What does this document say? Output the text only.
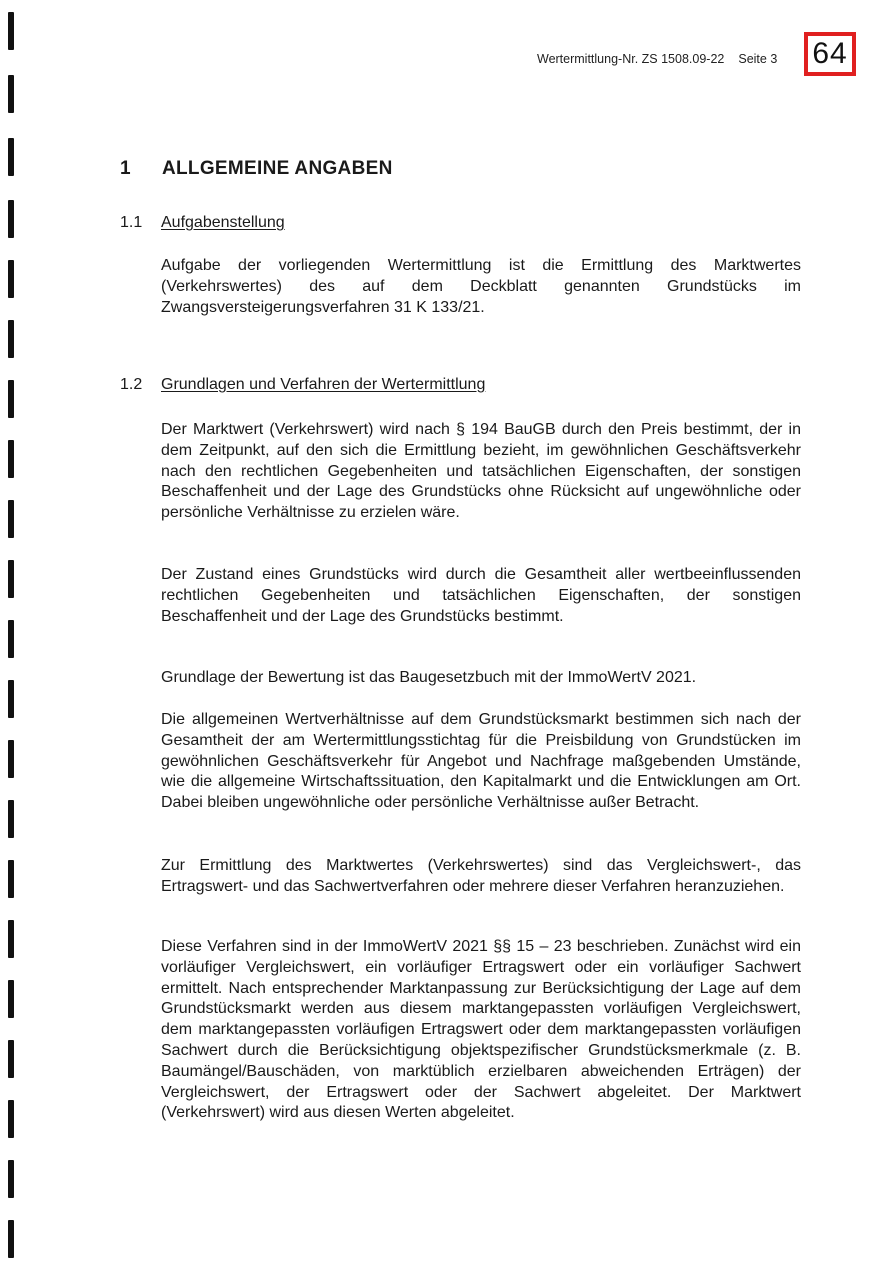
Wertermittlung-Nr. ZS 1508.09-22 Seite 3 64
1 ALLGEMEINE ANGABEN
1.1 Aufgabenstellung

Aufgabe der vorliegenden Wertermittlung ist die Ermittlung des Marktwertes (Verkehrswertes) des auf dem Deckblatt genannten Grundstücks im Zwangsversteigerungsverfahren 31 K 133/21.

1.2 Grundlagen und Verfahren der Wertermittlung

Der Marktwert (Verkehrswert) wird nach § 194 BauGB durch den Preis bestimmt, der in dem Zeitpunkt, auf den sich die Ermittlung bezieht, im gewöhnlichen Geschäftsverkehr nach den rechtlichen Gegebenheiten und tatsächlichen Eigenschaften, der sonstigen Beschaffenheit und der Lage des Grundstücks ohne Rücksicht auf ungewöhnliche oder persönliche Verhältnisse zu erzielen wäre.

Der Zustand eines Grundstücks wird durch die Gesamtheit aller wertbeeinflussenden rechtlichen Gegebenheiten und tatsächlichen Eigenschaften, der sonstigen Beschaffenheit und der Lage des Grundstücks bestimmt.

Grundlage der Bewertung ist das Baugesetzbuch mit der ImmoWertV 2021.

Die allgemeinen Wertverhältnisse auf dem Grundstücksmarkt bestimmen sich nach der Gesamtheit der am Wertermittlungsstichtag für die Preisbildung von Grundstücken im gewöhnlichen Geschäftsverkehr für Angebot und Nachfrage maßgebenden Umstände, wie die allgemeine Wirtschaftssituation, den Kapitalmarkt und die Entwicklungen am Ort. Dabei bleiben ungewöhnliche oder persönliche Verhältnisse außer Betracht.

Zur Ermittlung des Marktwertes (Verkehrswertes) sind das Vergleichswert-, das Ertragswert- und das Sachwertverfahren oder mehrere dieser Verfahren heranzuziehen.

Diese Verfahren sind in der ImmoWertV 2021 §§ 15 – 23 beschrieben. Zunächst wird ein vorläufiger Vergleichswert, ein vorläufiger Ertragswert oder ein vorläufiger Sachwert ermittelt. Nach entsprechender Marktanpassung zur Berücksichtigung der Lage auf dem Grundstücksmarkt werden aus diesem marktangepassten vorläufigen Vergleichswert, dem marktangepassten vorläufigen Ertragswert oder dem marktangepassten vorläufigen Sachwert durch die Berücksichtigung objektspezifischer Grundstücksmerkmale (z. B. Baumängel/Bauschäden, von marktüblich erzielbaren abweichenden Erträgen) der Vergleichswert, der Ertragswert oder der Sachwert abgeleitet. Der Marktwert (Verkehrswert) wird aus diesen Werten abgeleitet.
